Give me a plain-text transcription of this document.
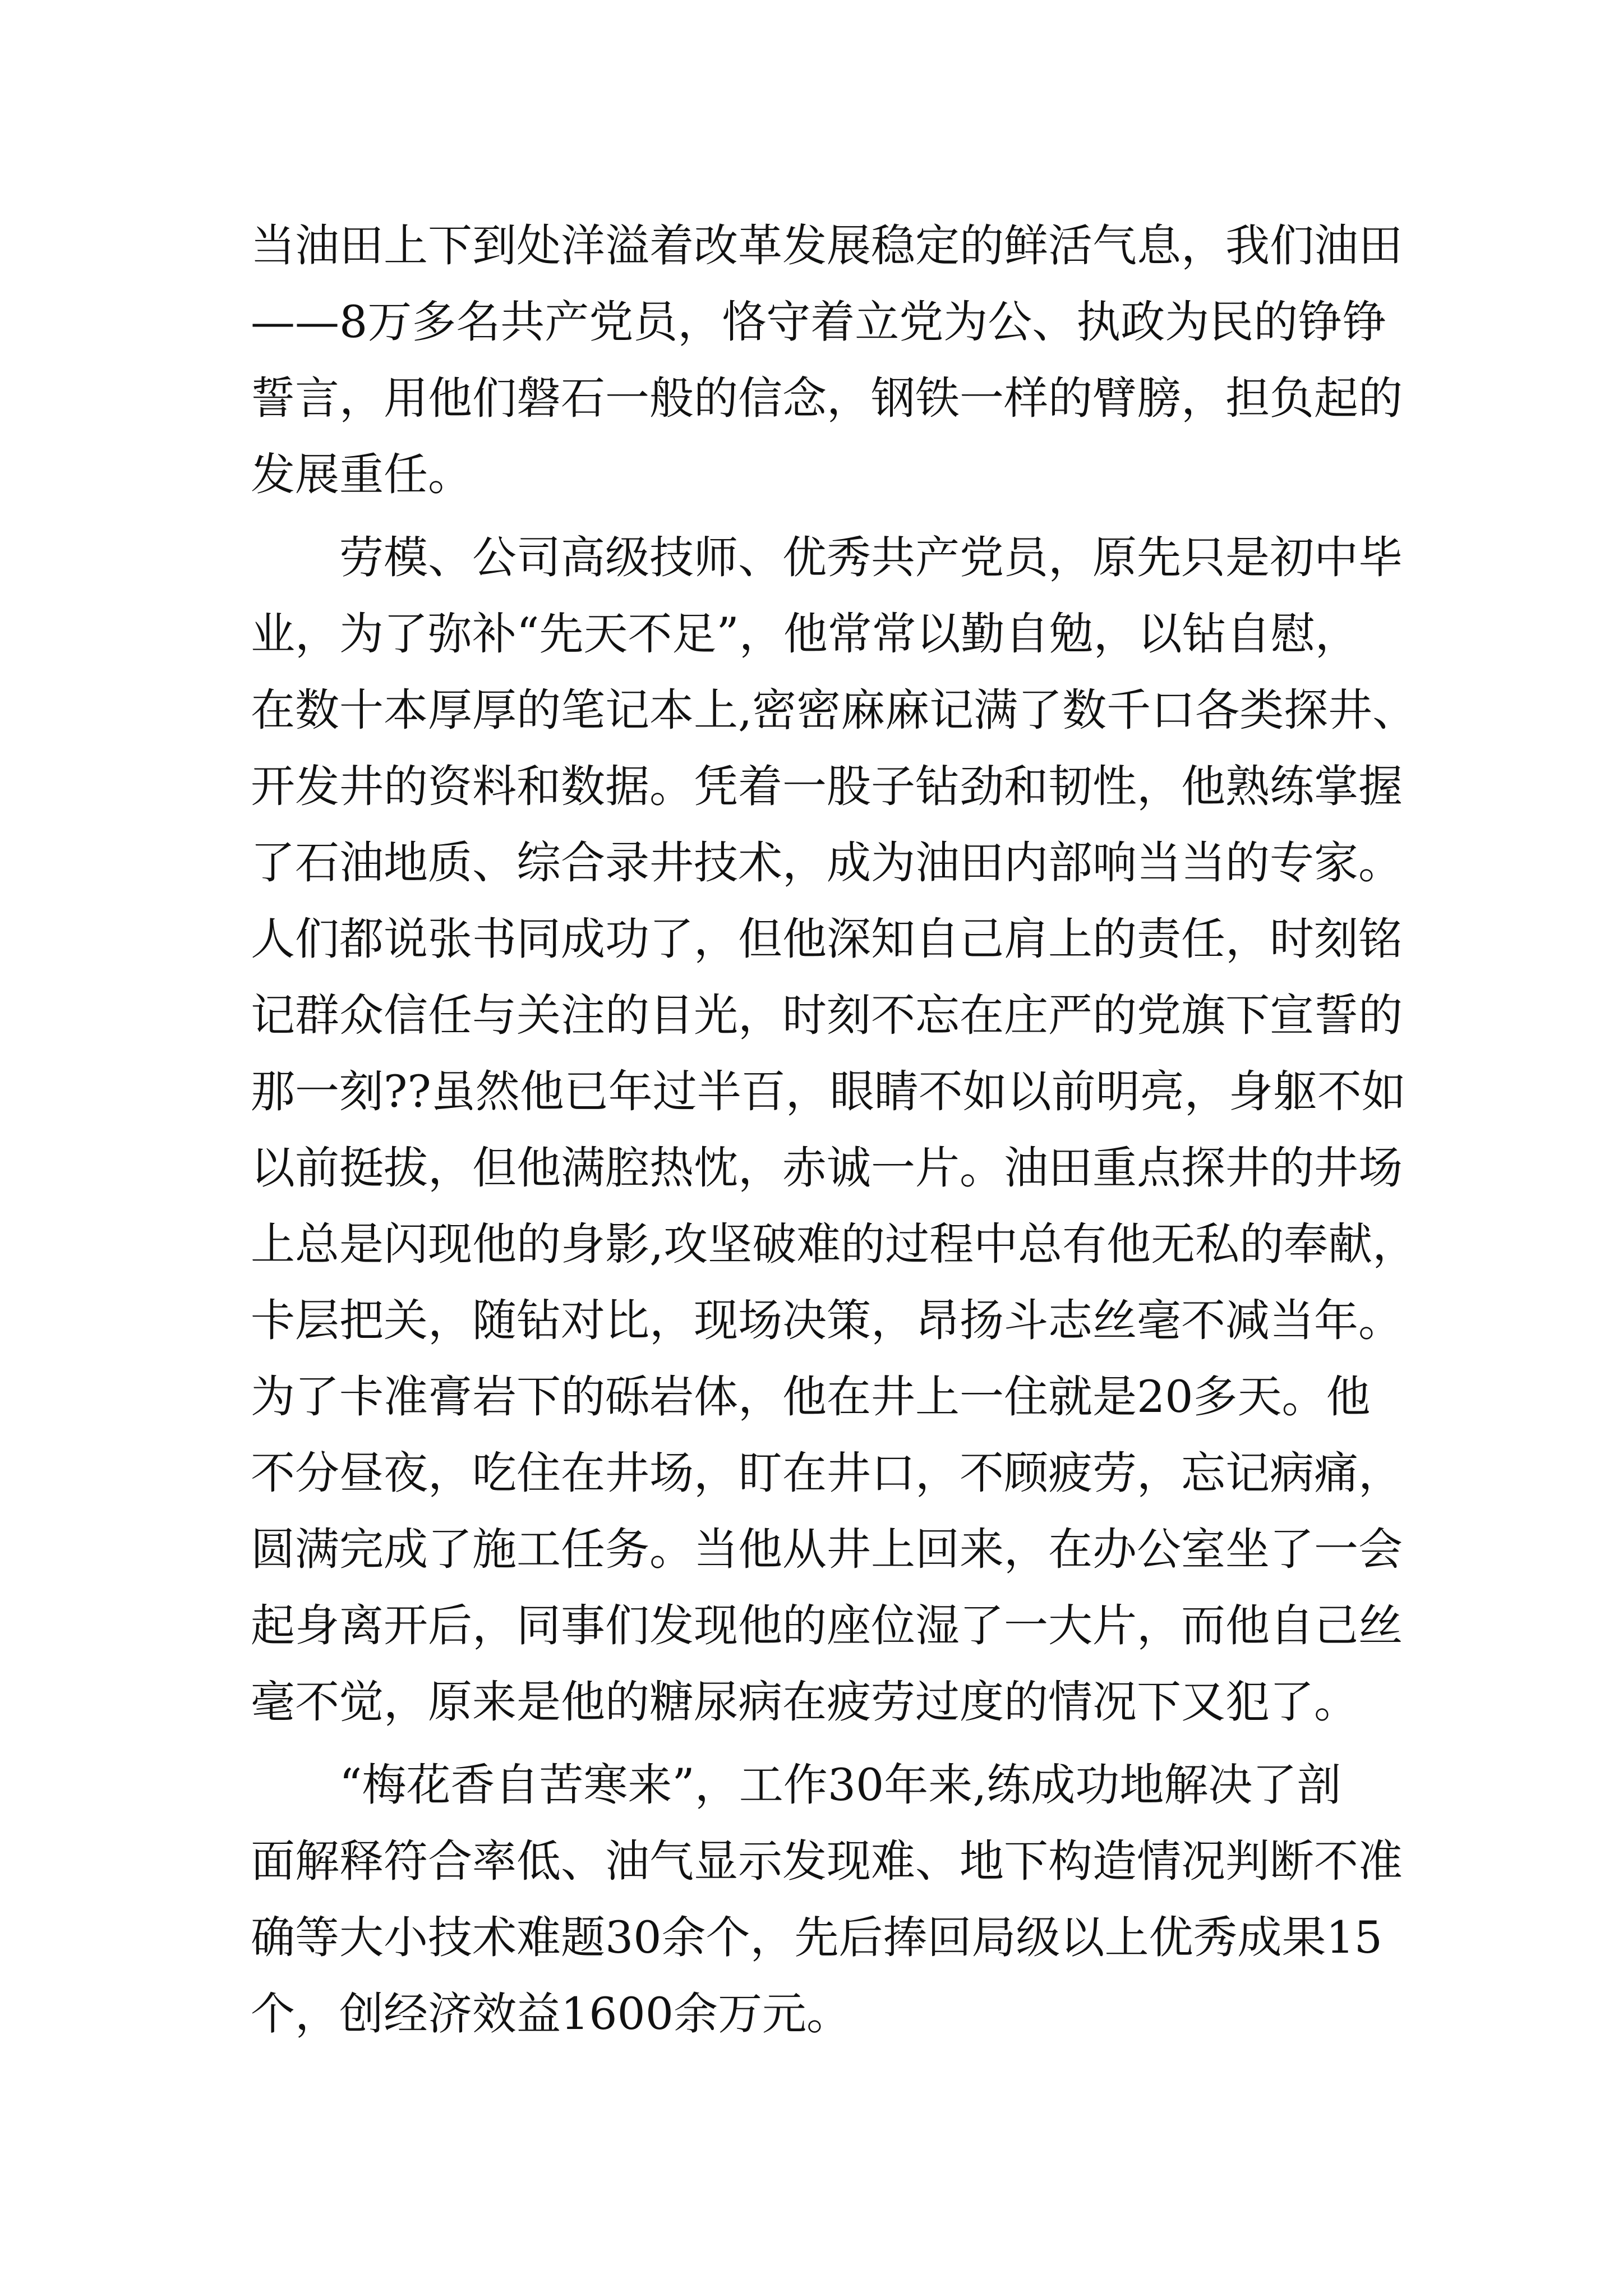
当油田上下到处洋溢着改革发展稳定的鲜活气息，我们油田
——8万多名共产党员，恪守着立党为公、执政为民的铮铮
誓言，用他们磐石一般的信念，钢铁一样的臂膀，担负起的
发展重任。
劳模、公司高级技师、优秀共产党员，原先只是初中毕
业，为了弥补“先天不足”，他常常以勤自勉，以钻自慰，
在数十本厚厚的笔记本上,密密麻麻记满了数千口各类探井、
开发井的资料和数据。凭着一股子钻劲和韧性，他熟练掌握
了石油地质、综合录井技术，成为油田内部响当当的专家。
人们都说张书同成功了，但他深知自己肩上的责任，时刻铭
记群众信任与关注的目光，时刻不忘在庄严的党旗下宣誓的
那一刻??虽然他已年过半百，眼睛不如以前明亮，身躯不如
以前挺拔，但他满腔热忱，赤诚一片。油田重点探井的井场
上总是闪现他的身影,攻坚破难的过程中总有他无私的奉献，
卡层把关，随钻对比，现场决策，昂扬斗志丝毫不减当年。
为了卡准膏岩下的砾岩体，他在井上一住就是20多天。他
不分昼夜，吃住在井场，盯在井口，不顾疲劳，忘记病痛，
圆满完成了施工任务。当他从井上回来，在办公室坐了一会
起身离开后，同事们发现他的座位湿了一大片，而他自己丝
毫不觉，原来是他的糖尿病在疲劳过度的情况下又犯了。
“梅花香自苦寒来”，工作30年来,练成功地解决了剖
面解释符合率低、油气显示发现难、地下构造情况判断不准
确等大小技术难题30余个，先后捧回局级以上优秀成果15
个，创经济效益1600余万元。
